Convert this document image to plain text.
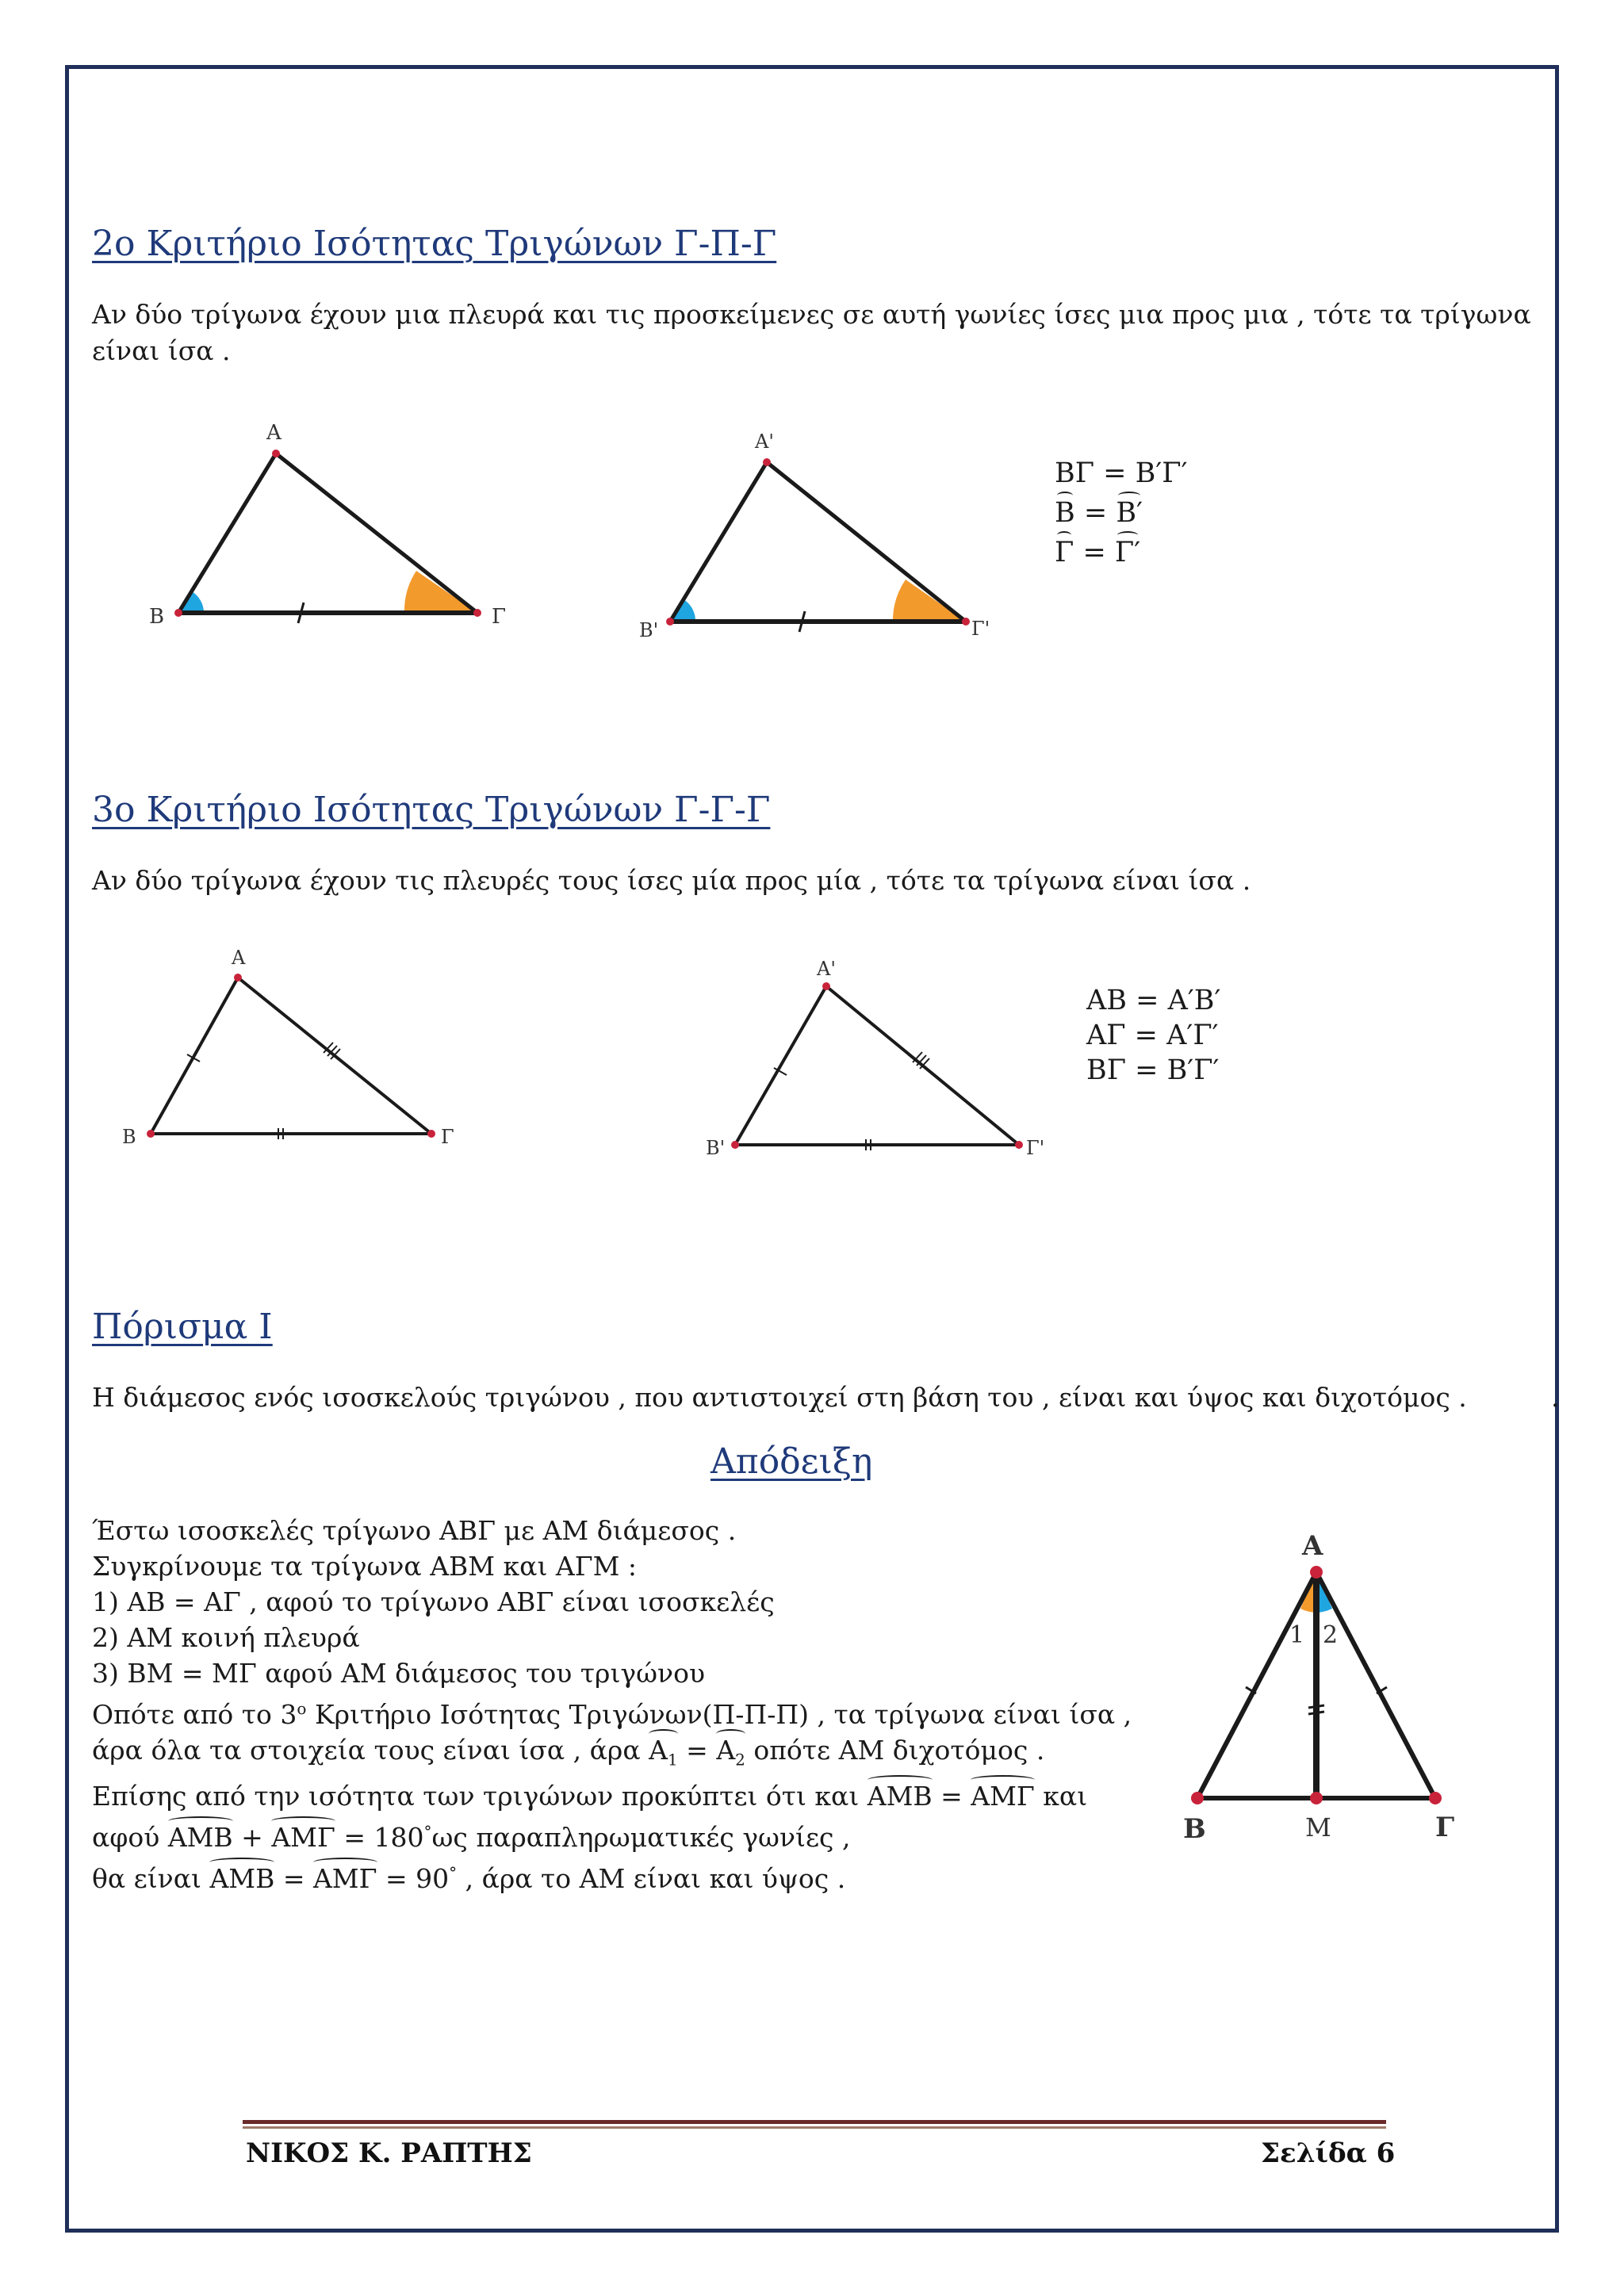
2ο Κριτήριο Ισότητας Τριγώνων Γ-Π-Γ
Αν δύο τρίγωνα έχουν μια πλευρά και τις προσκείμενες σε αυτή γωνίες ίσες μια προς μια , τότε τα τρίγωνα είναι ίσα .
A
B	Γ
A'
B'	Γ'
ΒΓ = Β′Γ′
Β = Β′
Γ = Γ′
3ο Κριτήριο Ισότητας Τριγώνων Γ-Γ-Γ
Αν δύο τρίγωνα έχουν τις πλευρές τους ίσες μία προς μία , τότε τα τρίγωνα είναι ίσα .
A
B	Γ
A'
B'	Γ'
ΑΒ = Α′Β′
ΑΓ = Α′Γ′
ΒΓ = Β′Γ′
Πόρισμα Ι
Η διάμεσος ενός ισοσκελούς τριγώνου , που αντιστοιχεί στη βάση του , είναι και ύψος και διχοτόμος .	.
Απόδειξη
Έστω ισοσκελές τρίγωνο ΑΒΓ με ΑΜ διάμεσος .
Συγκρίνουμε τα τρίγωνα ΑΒΜ και ΑΓΜ :
1) ΑΒ = ΑΓ , αφού το τρίγωνο ΑΒΓ είναι ισοσκελές
2) ΑΜ κοινή πλευρά
3) ΒΜ = ΜΓ αφού ΑΜ διάμεσος του τριγώνου
Οπότε από το $3^o$ Κριτήριο Ισότητας Τριγώνων(Π-Π-Π) , τα τρίγωνα είναι ίσα ,
άρα όλα τα στοιχεία τους είναι ίσα , άρα $A_1 = A_2$ οπότε ΑΜ διχοτόμος .
Επίσης από την ισότητα των τριγώνων προκύπτει ότι και ΑΜΒ = ΑΜΓ και
αφού ΑΜΒ + ΑΜΓ = 180°ως παραπληρωματικές γωνίες ,
θα είναι ΑΜΒ = ΑΜΓ = 90° , άρα το ΑΜ είναι και ύψος .
A
B	M	Γ
1 2
ΝΙΚΟΣ Κ. ΡΑΠΤΗΣ	Σελίδα 6
